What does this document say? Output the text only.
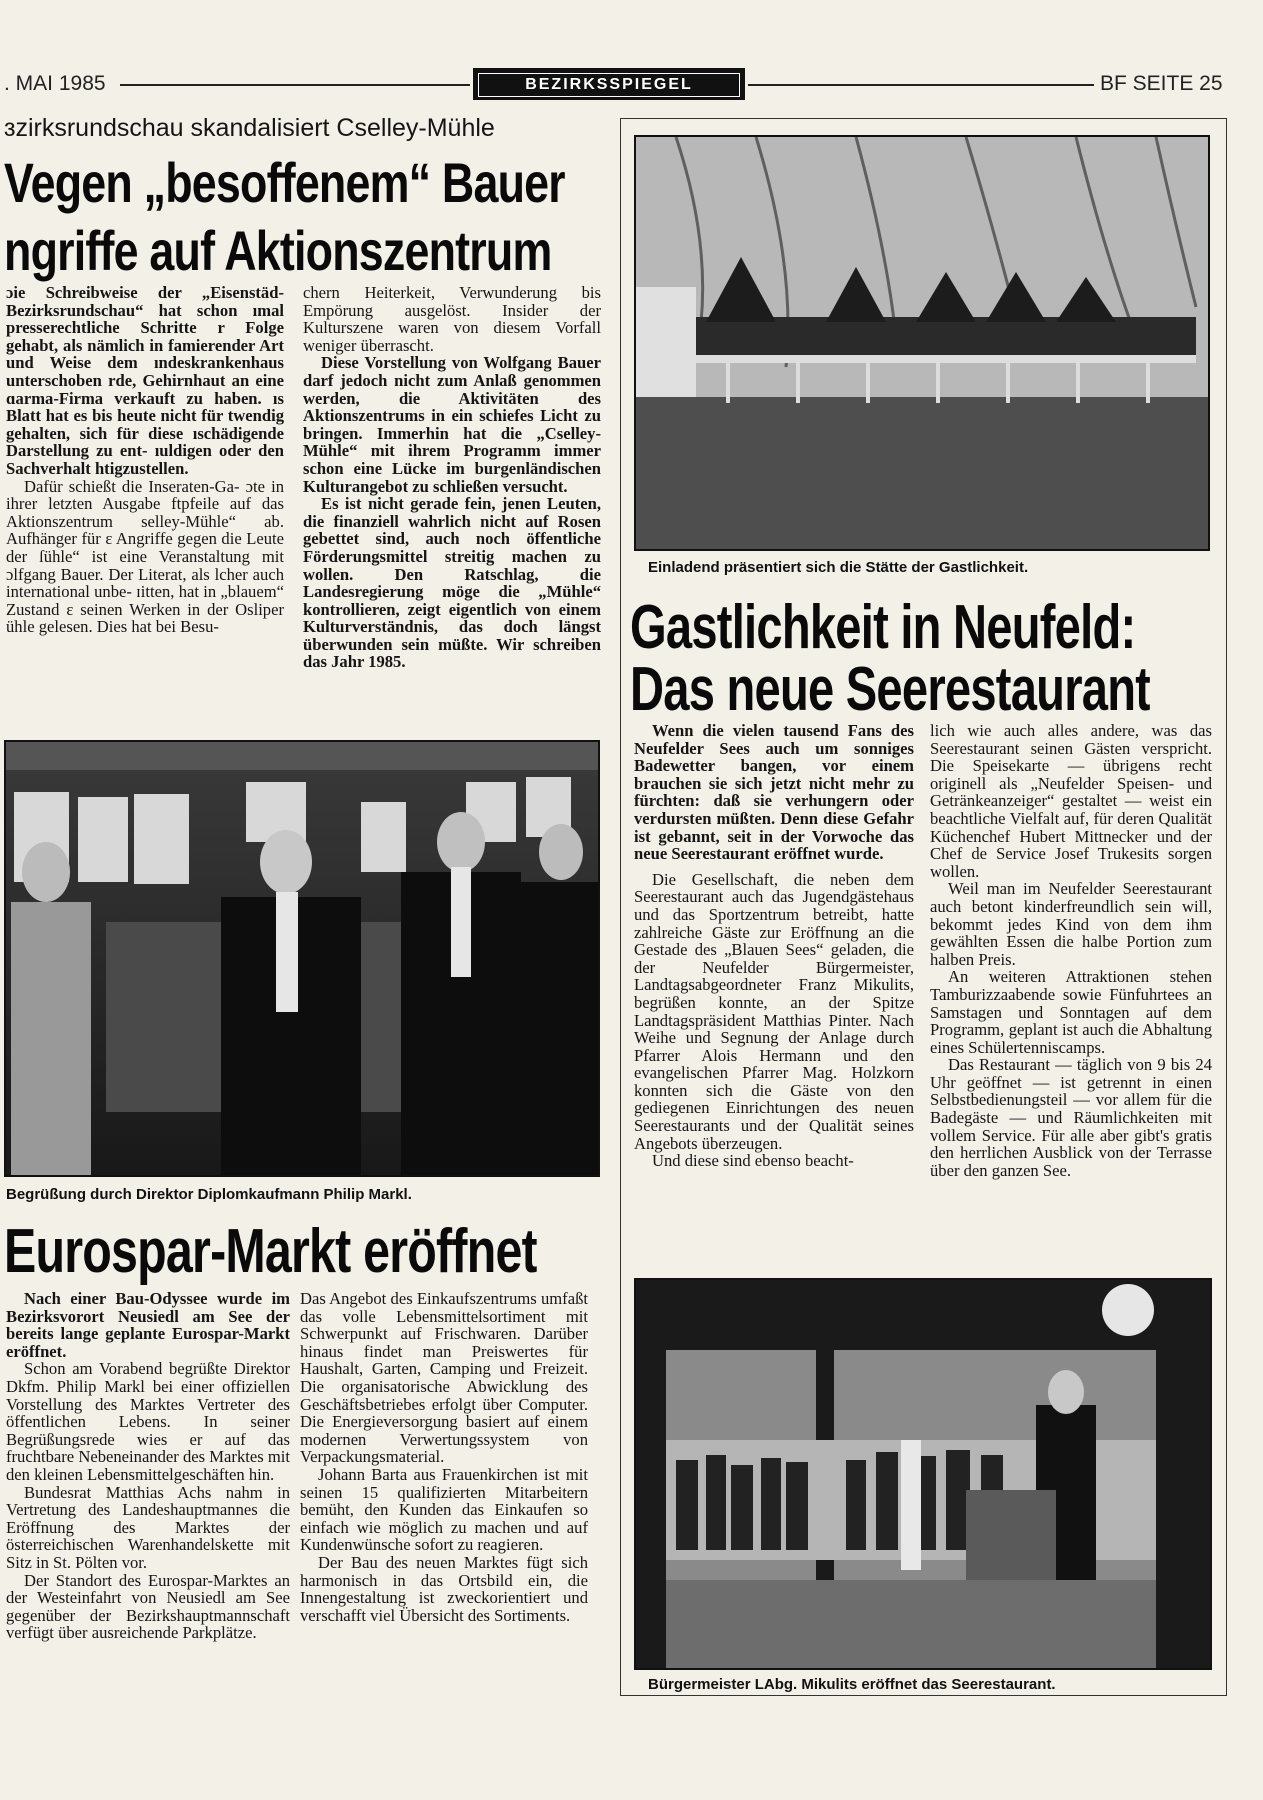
. MAI 1985	BEZIRKSSPIEGEL	BF SEITE 25
ɜzirksrundschau skandalisiert Cselley-Mühle
Vegen „besoffenem“ Bauer
ngriffe auf Aktionszentrum

ɔie Schreibweise der „Eisenstäd- Bezirksrundschau“ hat schon ımal presserechtliche Schritte r Folge gehabt, als nämlich in famierender Art und Weise dem ındeskrankenhaus unterschoben rde, Gehirnhaut an eine ɑarma-Firma verkauft zu haben. ıs Blatt hat es bis heute nicht für twendig gehalten, sich für diese ıschädigende Darstellung zu ent- ıuldigen oder den Sachverhalt htigzustellen.

Dafür schießt die Inseraten-Ga- ɔte in ihrer letzten Ausgabe ftpfeile auf das Aktionszentrum selley-Mühle“ ab. Aufhänger für ɛ Angriffe gegen die Leute der ſühle“ ist eine Veranstaltung mit ɔlfgang Bauer. Der Literat, als lcher auch international unbe- ɪitten, hat in „blauem“ Zustand ɛ seinen Werken in der Osliper ühle gelesen. Dies hat bei Besu-

chern Heiterkeit, Verwunderung bis Empörung ausgelöst. Insider der Kulturszene waren von diesem Vorfall weniger überrascht.

Diese Vorstellung von Wolfgang Bauer darf jedoch nicht zum Anlaß genommen werden, die Aktivitäten des Aktionszentrums in ein schiefes Licht zu bringen. Immerhin hat die „Cselley-Mühle“ mit ihrem Programm immer schon eine Lücke im burgenländischen Kulturangebot zu schließen versucht.

Es ist nicht gerade fein, jenen Leuten, die finanziell wahrlich nicht auf Rosen gebettet sind, auch noch öffentliche Förderungsmittel streitig machen zu wollen. Den Ratschlag, die Landesregierung möge die „Mühle“ kontrollieren, zeigt eigentlich von einem Kulturverständnis, das doch längst überwunden sein müßte. Wir schreiben das Jahr 1985.

Begrüßung durch Direktor Diplomkaufmann Philip Markl.
Eurospar-Markt eröffnet

Nach einer Bau-Odyssee wurde im Bezirksvorort Neusiedl am See der bereits lange geplante Eurospar-Markt eröffnet.

Schon am Vorabend begrüßte Direktor Dkfm. Philip Markl bei einer offiziellen Vorstellung des Marktes Vertreter des öffentlichen Lebens. In seiner Begrüßungsrede wies er auf das fruchtbare Nebeneinander des Marktes mit den kleinen Lebensmittelgeschäften hin.

Bundesrat Matthias Achs nahm in Vertretung des Landeshauptmannes die Eröffnung des Marktes der österreichischen Warenhandelskette mit Sitz in St. Pölten vor.

Der Standort des Eurospar-Marktes an der Westeinfahrt von Neusiedl am See gegenüber der Bezirkshauptmannschaft verfügt über ausreichende Parkplätze.

Das Angebot des Einkaufszentrums umfaßt das volle Lebensmittelsortiment mit Schwerpunkt auf Frischwaren. Darüber hinaus findet man Preiswertes für Haushalt, Garten, Camping und Freizeit. Die organisatorische Abwicklung des Geschäftsbetriebes erfolgt über Computer. Die Energieversorgung basiert auf einem modernen Verwertungssystem von Verpackungsmaterial.

Johann Barta aus Frauenkirchen ist mit seinen 15 qualifizierten Mitarbeitern bemüht, den Kunden das Einkaufen so einfach wie möglich zu machen und auf Kundenwünsche sofort zu reagieren.

Der Bau des neuen Marktes fügt sich harmonisch in das Ortsbild ein, die Innengestaltung ist zweckorientiert und verschafft viel Übersicht des Sortiments.

Einladend präsentiert sich die Stätte der Gastlichkeit.
Gastlichkeit in Neufeld:
Das neue Seerestaurant

Wenn die vielen tausend Fans des Neufelder Sees auch um sonniges Badewetter bangen, vor einem brauchen sie sich jetzt nicht mehr zu fürchten: daß sie verhungern oder verdursten müßten. Denn diese Gefahr ist gebannt, seit in der Vorwoche das neue Seerestaurant eröffnet wurde.

Die Gesellschaft, die neben dem Seerestaurant auch das Jugendgästehaus und das Sportzentrum betreibt, hatte zahlreiche Gäste zur Eröffnung an die Gestade des „Blauen Sees“ geladen, die der Neufelder Bürgermeister, Landtagsabgeordneter Franz Mikulits, begrüßen konnte, an der Spitze Landtagspräsident Matthias Pinter. Nach Weihe und Segnung der Anlage durch Pfarrer Alois Hermann und den evangelischen Pfarrer Mag. Holzkorn konnten sich die Gäste von den gediegenen Einrichtungen des neuen Seerestaurants und der Qualität seines Angebots überzeugen.

Und diese sind ebenso beacht-

lich wie auch alles andere, was das Seerestaurant seinen Gästen verspricht. Die Speisekarte — übrigens recht originell als „Neufelder Speisen- und Getränkeanzeiger“ gestaltet — weist ein beachtliche Vielfalt auf, für deren Qualität Küchenchef Hubert Mittnecker und der Chef de Service Josef Trukesits sorgen wollen.

Weil man im Neufelder Seerestaurant auch betont kinderfreundlich sein will, bekommt jedes Kind von dem ihm gewählten Essen die halbe Portion zum halben Preis.

An weiteren Attraktionen stehen Tamburizzaabende sowie Fünfuhrtees an Samstagen und Sonntagen auf dem Programm, geplant ist auch die Abhaltung eines Schülertenniscamps.

Das Restaurant — täglich von 9 bis 24 Uhr geöffnet — ist getrennt in einen Selbstbedienungsteil — vor allem für die Badegäste — und Räumlichkeiten mit vollem Service. Für alle aber gibt's gratis den herrlichen Ausblick von der Terrasse über den ganzen See.

Bürgermeister LAbg. Mikulits eröffnet das Seerestaurant.
